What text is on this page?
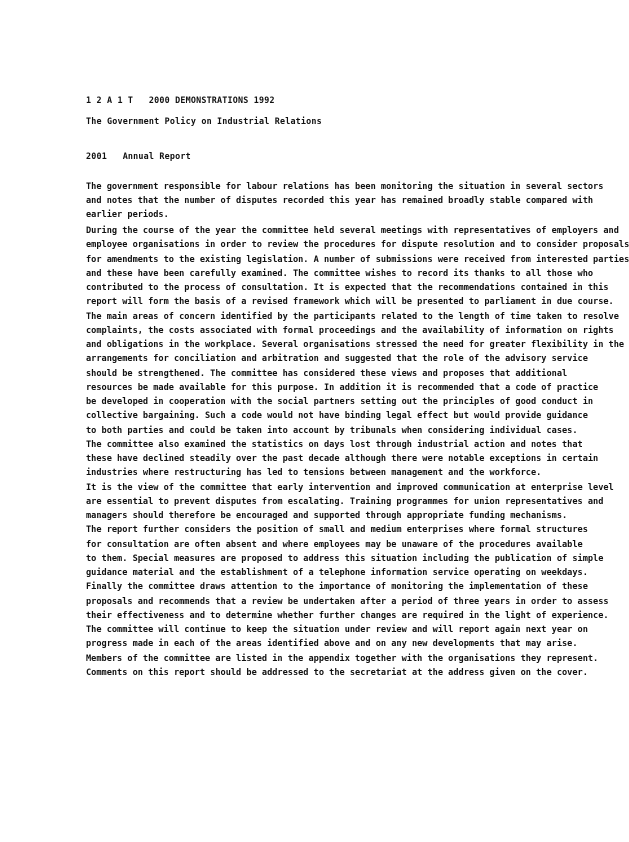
1 2 A 1 T   2000 DEMONSTRATIONS 1992
The Government Policy on Industrial Relations
2001   Annual Report
The government responsible for labour relations has been monitoring the situation in several sectors
and notes that the number of disputes recorded this year has remained broadly stable compared with
earlier periods.
During the course of the year the committee held several meetings with representatives of employers and
employee organisations in order to review the procedures for dispute resolution and to consider proposals
for amendments to the existing legislation. A number of submissions were received from interested parties
and these have been carefully examined. The committee wishes to record its thanks to all those who
contributed to the process of consultation. It is expected that the recommendations contained in this
report will form the basis of a revised framework which will be presented to parliament in due course.
The main areas of concern identified by the participants related to the length of time taken to resolve
complaints, the costs associated with formal proceedings and the availability of information on rights
and obligations in the workplace. Several organisations stressed the need for greater flexibility in the
arrangements for conciliation and arbitration and suggested that the role of the advisory service
should be strengthened. The committee has considered these views and proposes that additional
resources be made available for this purpose. In addition it is recommended that a code of practice
be developed in cooperation with the social partners setting out the principles of good conduct in
collective bargaining. Such a code would not have binding legal effect but would provide guidance
to both parties and could be taken into account by tribunals when considering individual cases.
The committee also examined the statistics on days lost through industrial action and notes that
these have declined steadily over the past decade although there were notable exceptions in certain
industries where restructuring has led to tensions between management and the workforce.
It is the view of the committee that early intervention and improved communication at enterprise level
are essential to prevent disputes from escalating. Training programmes for union representatives and
managers should therefore be encouraged and supported through appropriate funding mechanisms.
The report further considers the position of small and medium enterprises where formal structures
for consultation are often absent and where employees may be unaware of the procedures available
to them. Special measures are proposed to address this situation including the publication of simple
guidance material and the establishment of a telephone information service operating on weekdays.
Finally the committee draws attention to the importance of monitoring the implementation of these
proposals and recommends that a review be undertaken after a period of three years in order to assess
their effectiveness and to determine whether further changes are required in the light of experience.
The committee will continue to keep the situation under review and will report again next year on
progress made in each of the areas identified above and on any new developments that may arise.
Members of the committee are listed in the appendix together with the organisations they represent.
Comments on this report should be addressed to the secretariat at the address given on the cover.
